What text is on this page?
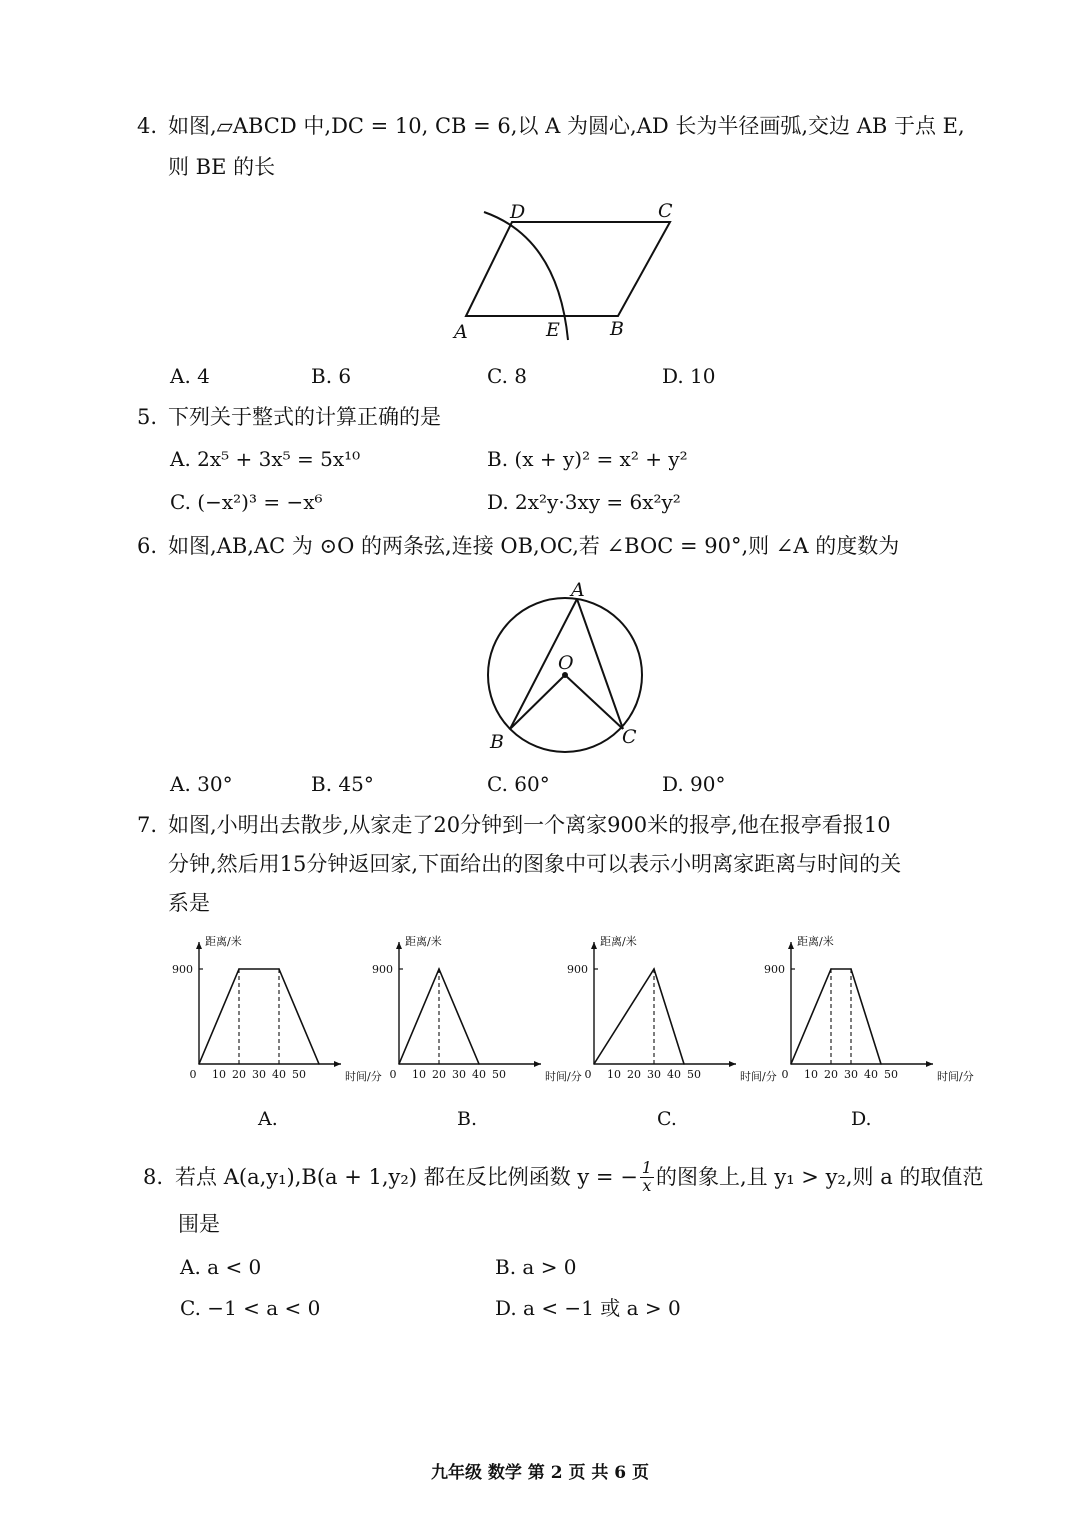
4. 如图,▱ABCD 中,DC = 10, CB = 6,以 A 为圆心,AD 长为半径画弧,交边 AB 于点 E,
则 BE 的长
A
D	C
E	B
A. 4	B. 6	C. 8	D. 10
5. 下列关于整式的计算正确的是
A. 2x⁵ + 3x⁵ = 5x¹⁰	B. (x + y)² = x² + y²
C. (−x²)³ = −x⁶	D. 2x²y·3xy = 6x²y²
6. 如图,AB,AC 为 ⊙O 的两条弦,连接 OB,OC,若 ∠BOC = 90°,则 ∠A 的度数为
A
O
B	C
A. 30°	B. 45°	C. 60°	D. 90°
7. 如图,小明出去散步,从家走了20分钟到一个离家900米的报亭,他在报亭看报10
分钟,然后用15分钟返回家,下面给出的图象中可以表示小明离家距离与时间的关
系是
900
0 10 20 30 40 50
距离/米
时间/分
900
0 10 20 30 40 50
距离/米
时间/分
900
0 10 20 30 40 50
距离/米
时间/分
900
0 10 20 30 40 50
距离/米
时间/分
A.	B.	C.	D.
8. 若点 A(a,y₁),B(a + 1,y₂) 都在反比例函数 y = − $\frac{1}{x}$ 的图象上,且 y₁ > y₂,则 a 的取值范
围是
A. a < 0	B. a > 0
C. −1 < a < 0	D. a < −1 或 a > 0
九年级 数学 第 2 页 共 6 页
